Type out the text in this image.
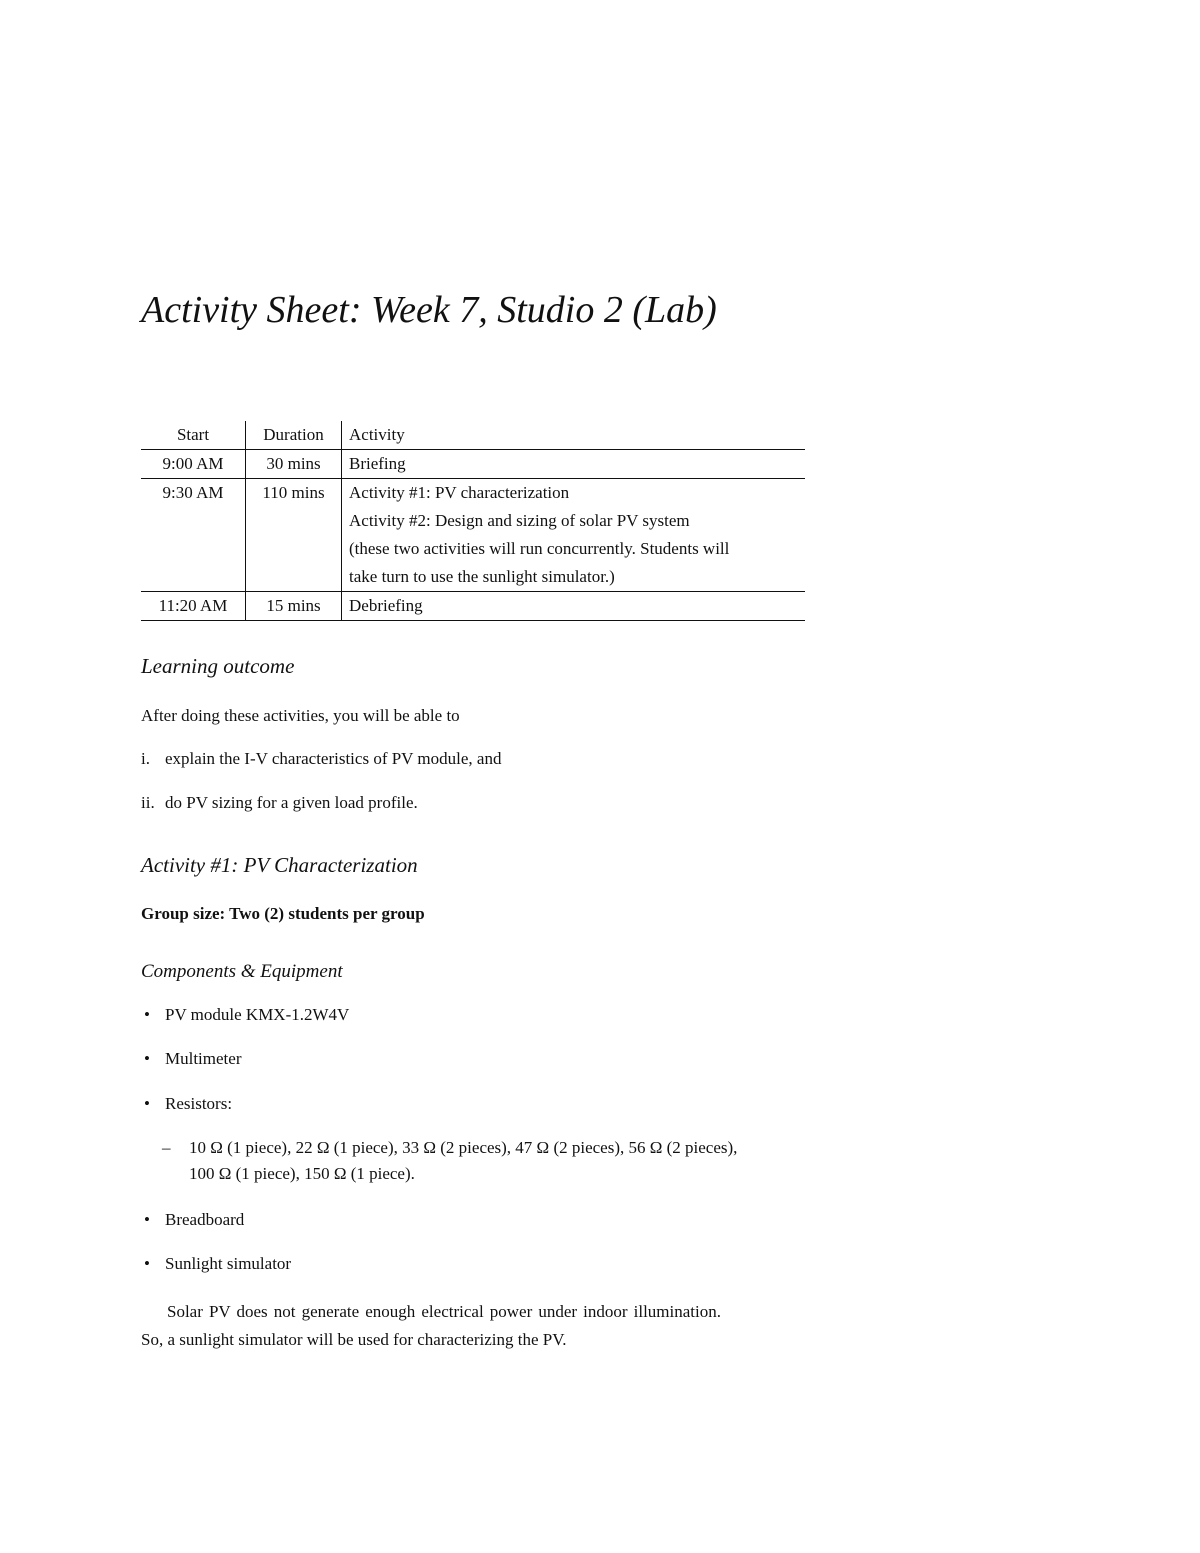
Activity Sheet: Week 7, Studio 2 (Lab)
Start	Duration	Activity
9:00 AM	30 mins	Briefing

9:30 AM	110 mins	Activity #1: PV characterization
Activity #2: Design and sizing of solar PV system
(these two activities will run concurrently. Students will
take turn to use the sunlight simulator.)

11:20 AM	15 mins	Debriefing
Learning outcome

After doing these activities, you will be able to

i. explain the I-V characteristics of PV module, and

ii. do PV sizing for a given load profile.

Activity #1: PV Characterization

Group size: Two (2) students per group

Components & Equipment

• PV module KMX-1.2W4V

• Multimeter

• Resistors:

–	10 Ω (1 piece), 22 Ω (1 piece), 33 Ω (2 pieces), 47 Ω (2 pieces), 56 Ω (2 pieces), 100 Ω (1 piece), 150 Ω (1 piece).

• Breadboard

• Sunlight simulator

Solar PV does not generate enough electrical power under indoor illumination. So, a sunlight simulator will be used for characterizing the PV.
